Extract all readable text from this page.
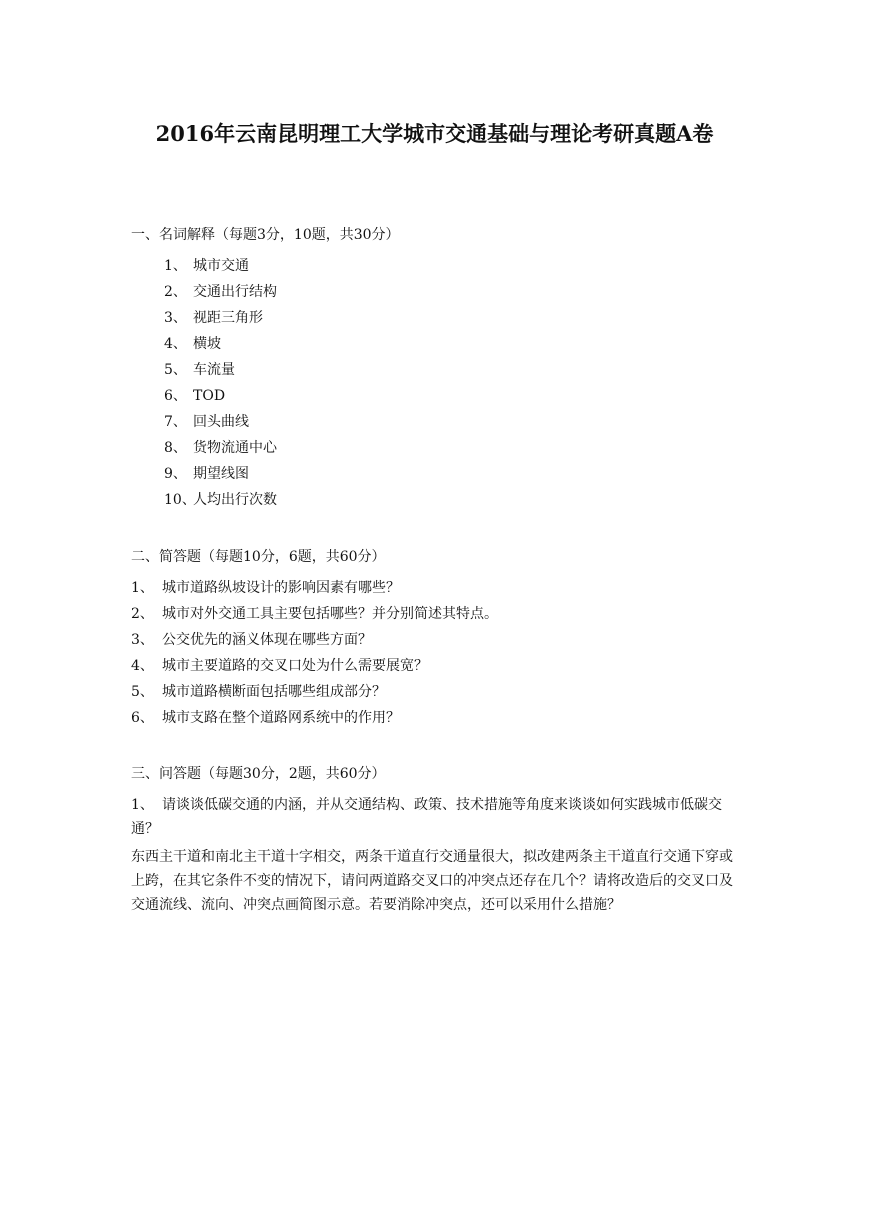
2016年云南昆明理工大学城市交通基础与理论考研真题A卷
一、名词解释（每题3分，10题，共30分）
1、 城市交通
2、 交通出行结构
3、 视距三角形
4、 横坡
5、 车流量
6、 TOD
7、 回头曲线
8、 货物流通中心
9、 期望线图
10、人均出行次数
二、简答题（每题10分，6题，共60分）
1、 城市道路纵坡设计的影响因素有哪些？
2、 城市对外交通工具主要包括哪些？并分别简述其特点。
3、 公交优先的涵义体现在哪些方面？
4、 城市主要道路的交叉口处为什么需要展宽？
5、 城市道路横断面包括哪些组成部分？
6、 城市支路在整个道路网系统中的作用？
三、问答题（每题30分，2题，共60分）

1、 请谈谈低碳交通的内涵，并从交通结构、政策、技术措施等角度来谈谈如何实践城市低碳交通？

东西主干道和南北主干道十字相交，两条干道直行交通量很大，拟改建两条主干道直行交通下穿或上跨，在其它条件不变的情况下，请问两道路交叉口的冲突点还存在几个？请将改造后的交叉口及交通流线、流向、冲突点画简图示意。若要消除冲突点，还可以采用什么措施？
